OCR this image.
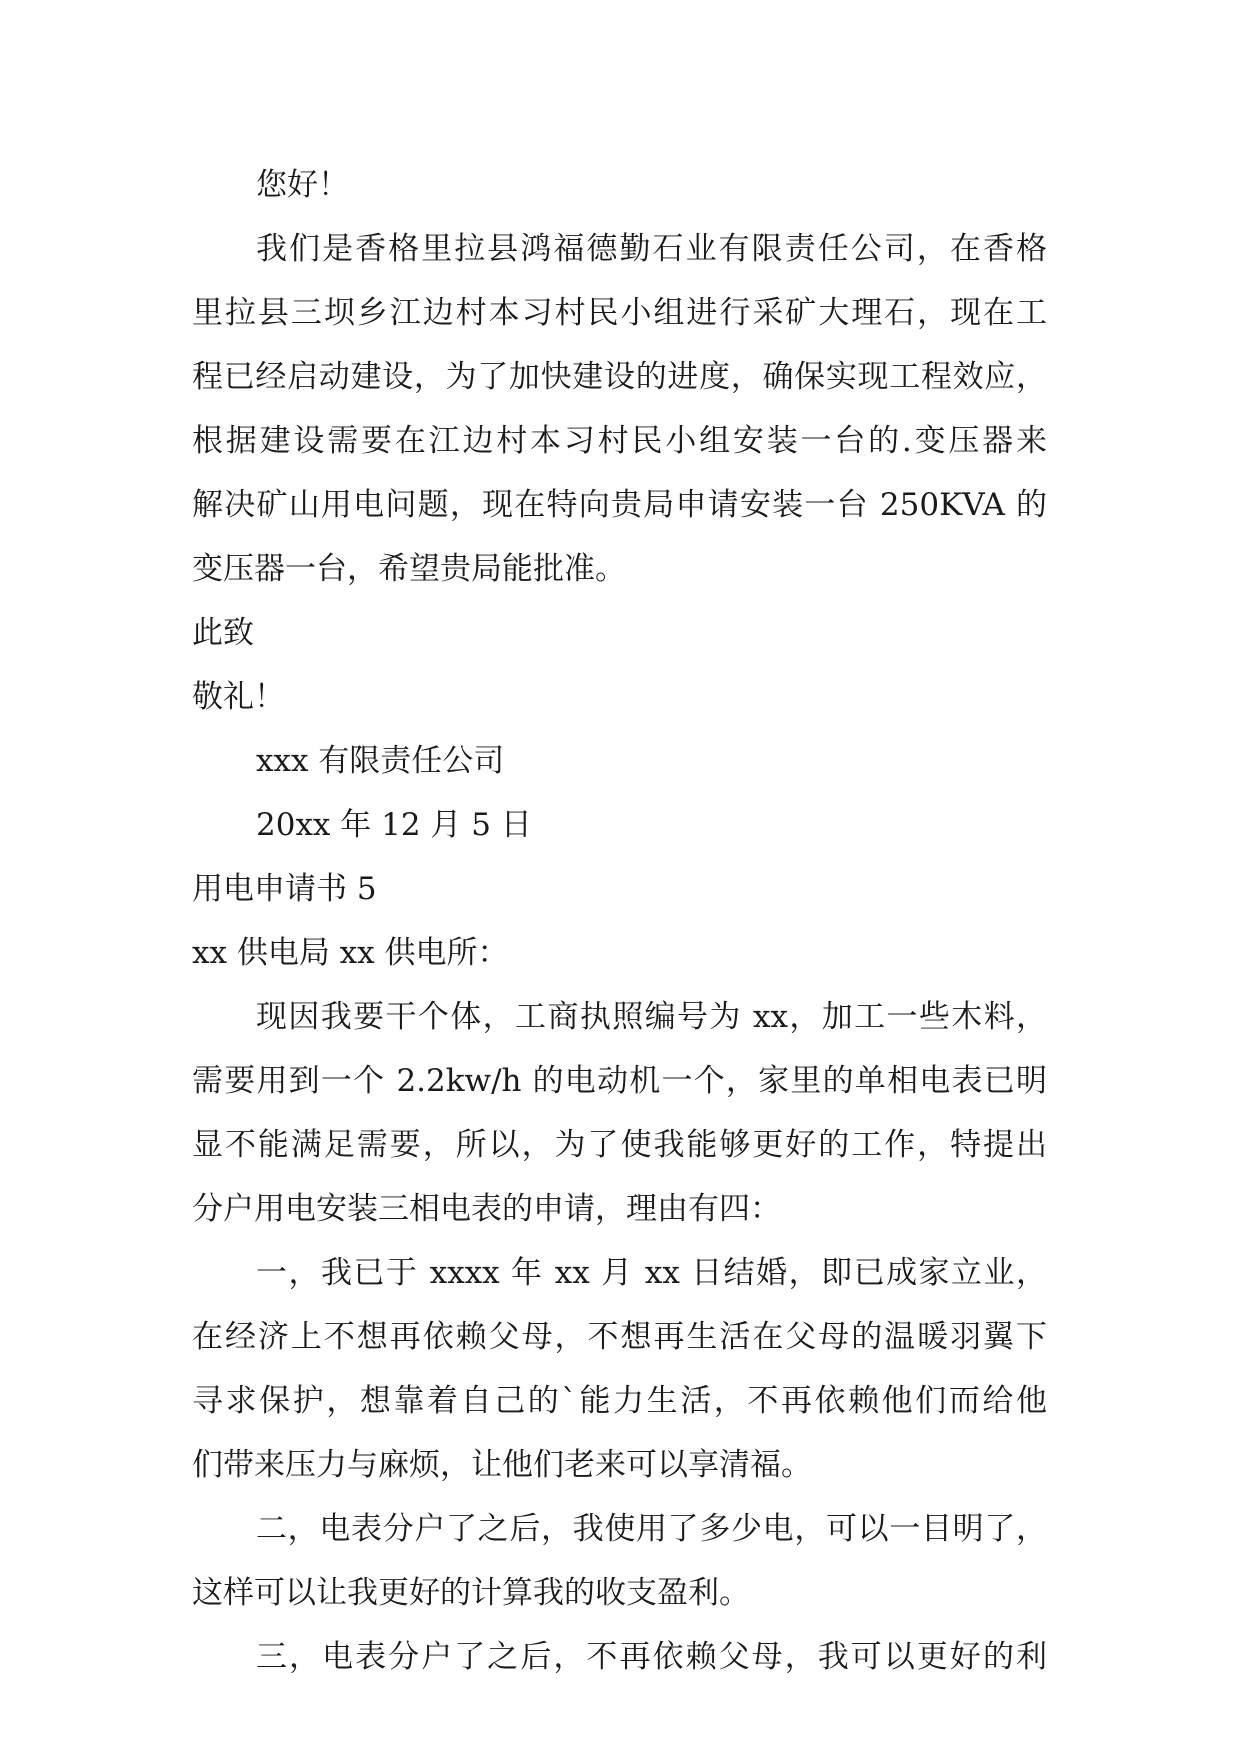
您好！
我们是香格里拉县鸿福德勤石业有限责任公司，在香格
里拉县三坝乡江边村本习村民小组进行采矿大理石，现在工
程已经启动建设，为了加快建设的进度，确保实现工程效应，
根据建设需要在江边村本习村民小组安装一台的.变压器来
解决矿山用电问题，现在特向贵局申请安装一台 250KVA 的
变压器一台，希望贵局能批准。
此致
敬礼！
xxx 有限责任公司
20xx 年 12 月 5 日
用电申请书 5
xx 供电局 xx 供电所：
现因我要干个体，工商执照编号为 xx，加工一些木料，
需要用到一个 2.2kw/h 的电动机一个，家里的单相电表已明
显不能满足需要，所以，为了使我能够更好的工作，特提出
分户用电安装三相电表的申请，理由有四：
一，我已于 xxxx 年 xx 月 xx 日结婚，即已成家立业，
在经济上不想再依赖父母，不想再生活在父母的温暖羽翼下
寻求保护，想靠着自己的`能力生活，不再依赖他们而给他
们带来压力与麻烦，让他们老来可以享清福。
二，电表分户了之后，我使用了多少电，可以一目明了，
这样可以让我更好的计算我的收支盈利。
三，电表分户了之后，不再依赖父母，我可以更好的利
